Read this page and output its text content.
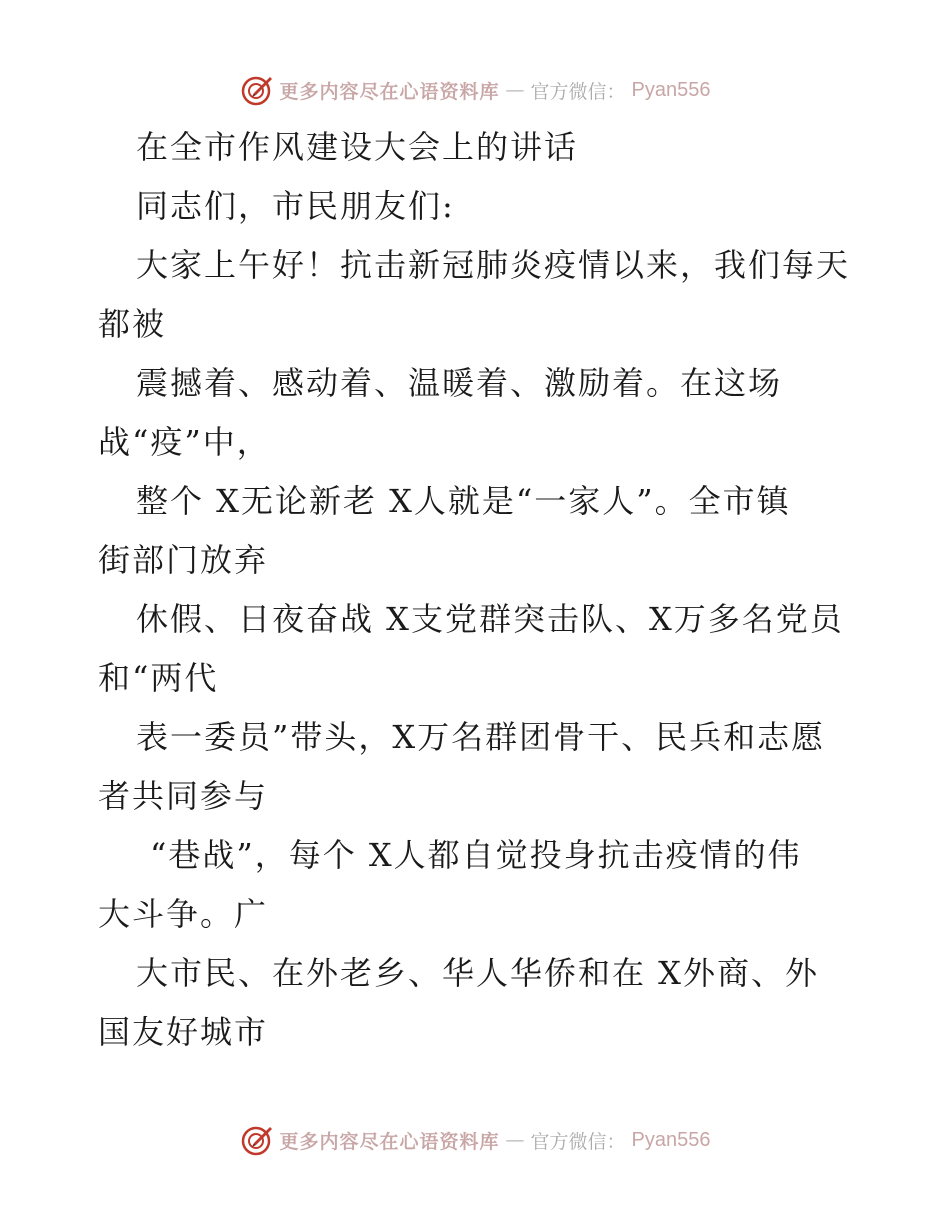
更多内容尽在心语资料库 — 官方微信： Pyan556
在全市作风建设大会上的讲话
同志们，市民朋友们:
大家上午好！抗击新冠肺炎疫情以来，我们每天
都被
震撼着、感动着、温暖着、激励着。在这场
战“疫”中，
整个 X无论新老 X人就是“一家人”。全市镇
街部门放弃
休假、日夜奋战 X支党群突击队、X万多名党员
和“两代
表一委员”带头，X万名群团骨干、民兵和志愿
者共同参与
“巷战”，每个 X人都自觉投身抗击疫情的伟
大斗争。广
大市民、在外老乡、华人华侨和在 X外商、外
国友好城市
更多内容尽在心语资料库 — 官方微信： Pyan556
